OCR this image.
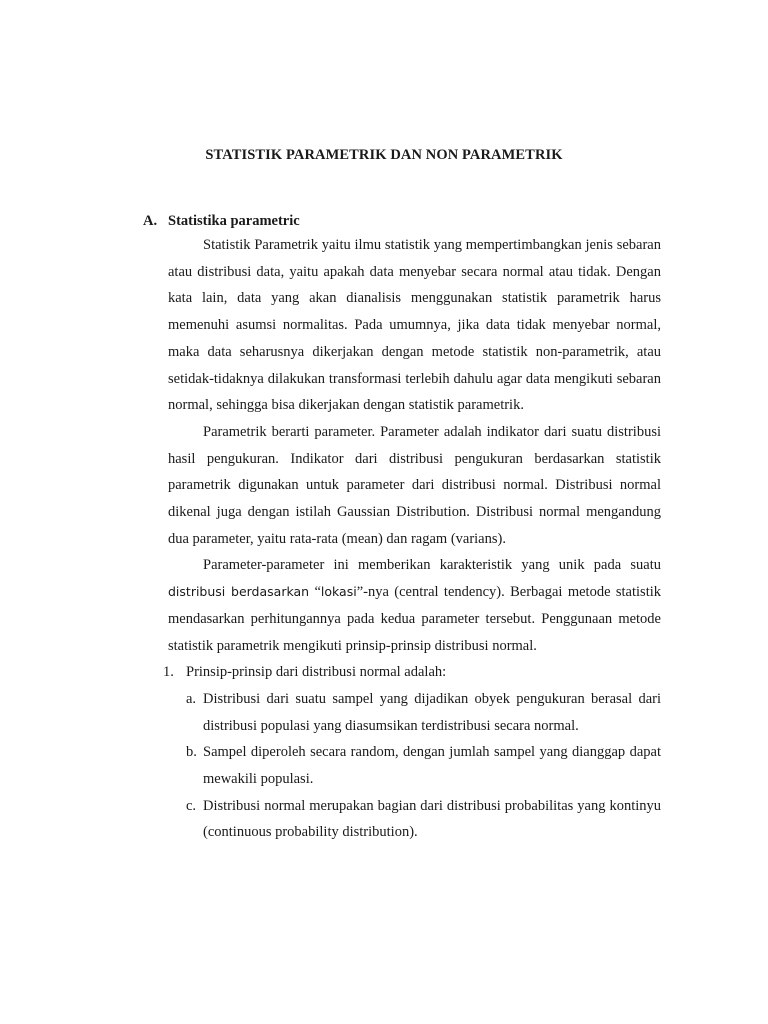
STATISTIK PARAMETRIK DAN NON PARAMETRIK
A. Statistika parametric

Statistik Parametrik yaitu ilmu statistik yang mempertimbangkan jenis sebaran atau distribusi data, yaitu apakah data menyebar secara normal atau tidak. Dengan kata lain, data yang akan dianalisis menggunakan statistik parametrik harus memenuhi asumsi normalitas. Pada umumnya, jika data tidak menyebar normal, maka data seharusnya dikerjakan dengan metode statistik non-parametrik, atau setidak-tidaknya dilakukan transformasi terlebih dahulu agar data mengikuti sebaran normal, sehingga bisa dikerjakan dengan statistik parametrik.

Parametrik berarti parameter. Parameter adalah indikator dari suatu distribusi hasil pengukuran. Indikator dari distribusi pengukuran berdasarkan statistik parametrik digunakan untuk parameter dari distribusi normal. Distribusi normal dikenal juga dengan istilah Gaussian Distribution. Distribusi normal mengandung dua parameter, yaitu rata-rata (mean) dan ragam (varians).

Parameter-parameter ini memberikan karakteristik yang unik pada suatu distribusi berdasarkan “lokasi”-nya (central tendency). Berbagai metode statistik mendasarkan perhitungannya pada kedua parameter tersebut. Penggunaan metode statistik parametrik mengikuti prinsip-prinsip distribusi normal.

1. Prinsip-prinsip dari distribusi normal adalah:
a. Distribusi dari suatu sampel yang dijadikan obyek pengukuran berasal dari distribusi populasi yang diasumsikan terdistribusi secara normal.
b. Sampel diperoleh secara random, dengan jumlah sampel yang dianggap dapat mewakili populasi.
c. Distribusi normal merupakan bagian dari distribusi probabilitas yang kontinyu (continuous probability distribution).
